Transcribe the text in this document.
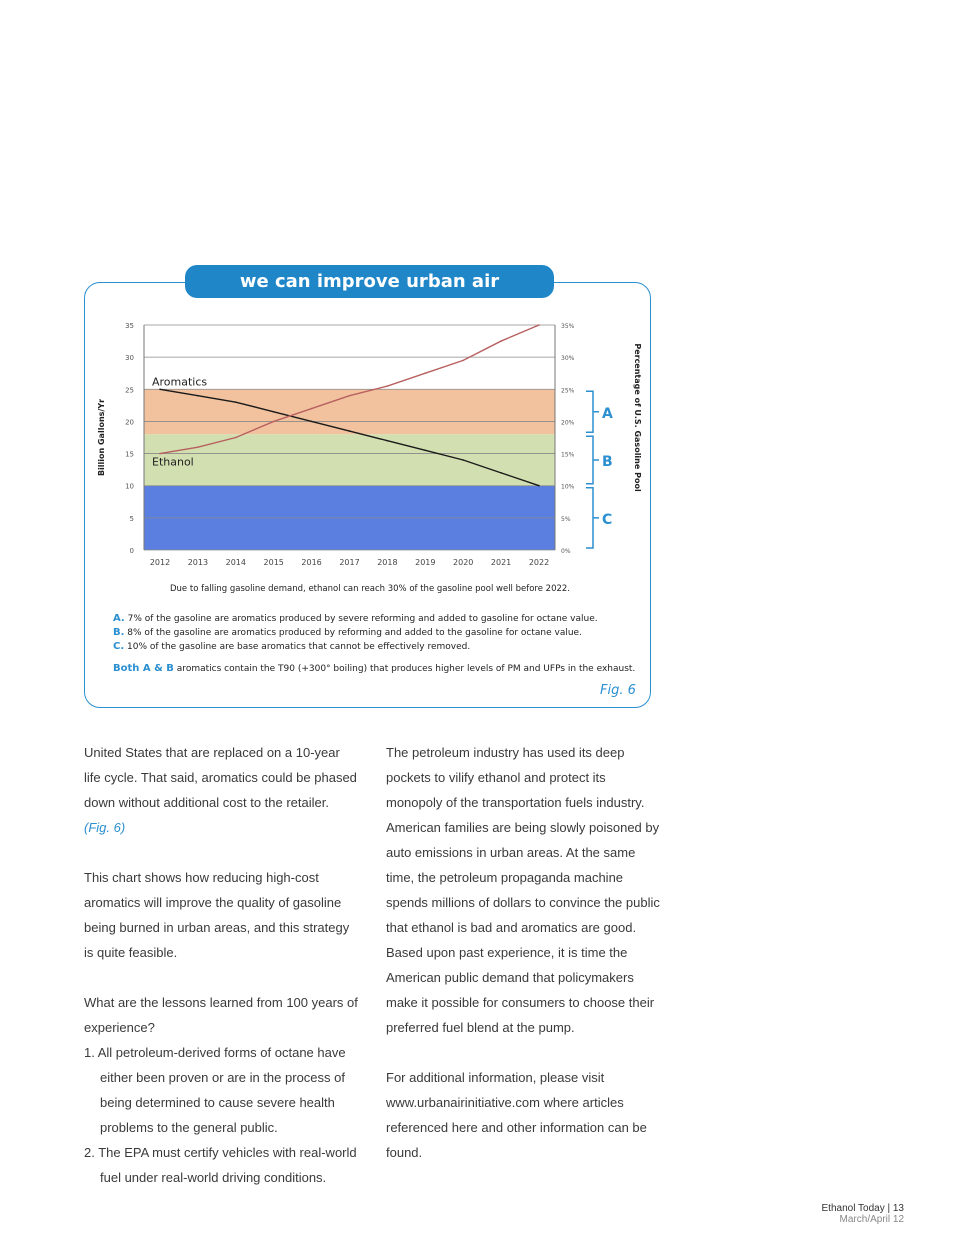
we can improve urban air
0	0%
5	5%
10	10%
15	15%
20	20%
25	25%
30	30%
35	35%
2012 2013 2014 2015 2016 2017 2018 2019 2020 2021 2022
Aromatics
Ethanol
Billion Gallons/Yr	Percentage of U.S. Gasoline Pool
A
B
C
Due to falling gasoline demand, ethanol can reach 30% of the gasoline pool well before 2022.
A. 7% of the gasoline are aromatics produced by severe reforming and added to gasoline for octane value.
B. 8% of the gasoline are aromatics produced by reforming and added to the gasoline for octane value.
C. 10% of the gasoline are base aromatics that cannot be effectively removed.
Both A & B aromatics contain the T90 (+300° boiling) that produces higher levels of PM and UFPs in the exhaust.
Fig. 6

United States that are replaced on a 10-year life cycle. That said, aromatics could be phased down without additional cost to the retailer.
(Fig. 6)

This chart shows how reducing high-cost aromatics will improve the quality of gasoline being burned in urban areas, and this strategy is quite feasible.

What are the lessons learned from 100 years of experience?

1. All petroleum-derived forms of octane have either been proven or are in the process of being determined to cause severe health problems to the general public.

2. The EPA must certify vehicles with real-world fuel under real-world driving conditions.

The petroleum industry has used its deep pockets to vilify ethanol and protect its monopoly of the transportation fuels industry. American families are being slowly poisoned by auto emissions in urban areas. At the same time, the petroleum propaganda machine spends millions of dollars to convince the public that ethanol is bad and aromatics are good. Based upon past experience, it is time the American public demand that policymakers make it possible for consumers to choose their preferred fuel blend at the pump.

For additional information, please visit www.urbanairinitiative.com where articles referenced here and other information can be found.

Ethanol Today | 13
March/April 12
